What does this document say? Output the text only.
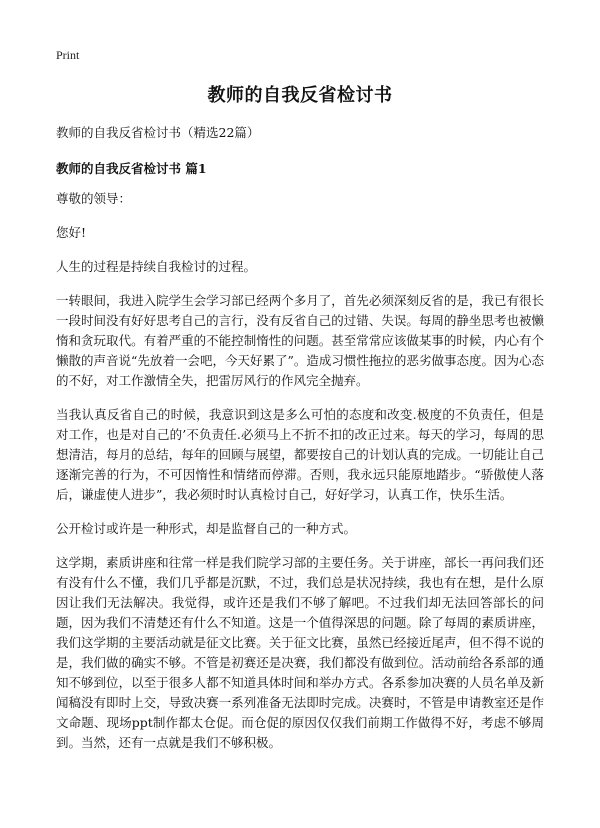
Print
教师的自我反省检讨书

教师的自我反省检讨书（精选22篇）

教师的自我反省检讨书 篇1

尊敬的领导：

您好!

人生的过程是持续自我检讨的过程。

一转眼间，我进入院学生会学习部已经两个多月了，首先必须深刻反省的是，我已有很长一段时间没有好好思考自己的言行，没有反省自己的过错、失误。每周的静坐思考也被懒惰和贪玩取代。有着严重的不能控制惰性的问题。甚至常常应该做某事的时候，内心有个懒散的声音说“先放着一会吧，今天好累了”。造成习惯性拖拉的恶劣做事态度。因为心态的不好，对工作激情全失，把雷厉风行的作风完全抛弃。

当我认真反省自己的时候，我意识到这是多么可怕的态度和改变.极度的不负责任，但是对工作，也是对自己的’不负责任.必须马上不折不扣的改正过来。每天的学习，每周的思想清洁，每月的总结，每年的回顾与展望，都要按自己的计划认真的完成。一切能让自己逐渐完善的行为，不可因惰性和情绪而停滞。否则，我永远只能原地踏步。“骄傲使人落后，谦虚使人进步”，我必须时时认真检讨自己，好好学习，认真工作，快乐生活。

公开检讨或许是一种形式，却是监督自己的一种方式。

这学期，素质讲座和往常一样是我们院学习部的主要任务。关于讲座，部长一再问我们还有没有什么不懂，我们几乎都是沉默，不过，我们总是状况持续，我也有在想，是什么原因让我们无法解决。我觉得，或许还是我们不够了解吧。不过我们却无法回答部长的问题，因为我们不清楚还有什么不知道。这是一个值得深思的问题。除了每周的素质讲座，我们这学期的主要活动就是征文比赛。关于征文比赛，虽然已经接近尾声，但不得不说的是，我们做的确实不够。不管是初赛还是决赛，我们都没有做到位。活动前给各系部的通知不够到位，以至于很多人都不知道具体时间和举办方式。各系参加决赛的人员名单及新闻稿没有即时上交，导致决赛一系列准备无法即时完成。决赛时，不管是申请教室还是作文命题、现场ppt制作都太仓促。而仓促的原因仅仅我们前期工作做得不好，考虑不够周到。当然，还有一点就是我们不够积极。
